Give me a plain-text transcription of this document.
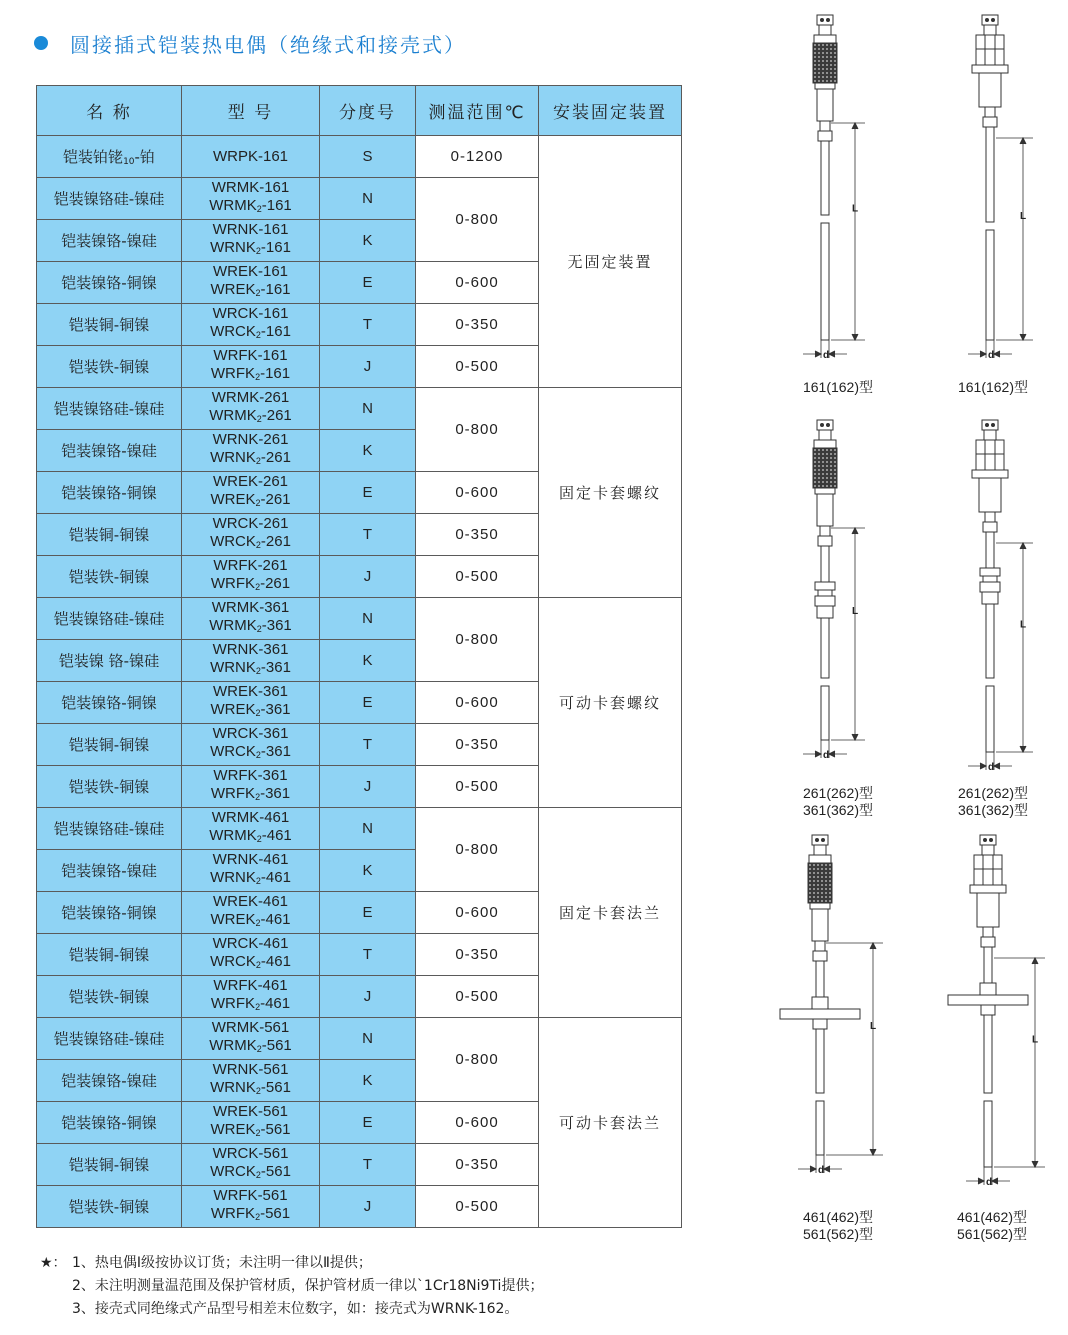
圆接插式铠装热电偶（绝缘式和接壳式）
名 称	型 号	分度号	测温范围℃	安装固定装置
铠装铂铑$_{10}$-铂	WRPK-161	S	0-1200	无固定装置
铠装镍铬硅-镍硅	WRMK-161
$WRMK_2-161$	N	0-800	
铠装镍铬-镍硅	WRNK-161
$WRNK_2-161$	K		
铠装镍铬-铜镍	WREK-161
$WREK_2-161$	E	0-600	
铠装铜-铜镍	WRCK-161
$WRCK_2-161$	T	0-350	
铠装铁-铜镍	WRFK-161
$WRFK_2-161$	J	0-500	
铠装镍铬硅-镍硅	WRMK-261
$WRMK_2-261$	N	0-800	固定卡套螺纹
铠装镍铬-镍硅	WRNK-261
$WRNK_2-261$	K		
铠装镍铬-铜镍	WREK-261
$WREK_2-261$	E	0-600	
铠装铜-铜镍	WRCK-261
$WRCK_2-261$	T	0-350	
铠装铁-铜镍	WRFK-261
$WRFK_2-261$	J	0-500	
铠装镍铬硅-镍硅	WRMK-361
$WRMK_2-361$	N	0-800	可动卡套螺纹
铠装镍 铬-镍硅	WRNK-361
$WRNK_2-361$	K		
铠装镍铬-铜镍	WREK-361
$WREK_2-361$	E	0-600	
铠装铜-铜镍	WRCK-361
$WRCK_2-361$	T	0-350	
铠装铁-铜镍	WRFK-361
$WRFK_2-361$	J	0-500	
铠装镍铬硅-镍硅	WRMK-461
$WRMK_2-461$	N	0-800	固定卡套法兰
铠装镍铬-镍硅	WRNK-461
$WRNK_2-461$	K		
铠装镍铬-铜镍	WREK-461
$WREK_2-461$	E	0-600	
铠装铜-铜镍	WRCK-461
$WRCK_2-461$	T	0-350	
铠装铁-铜镍	WRFK-461
$WRFK_2-461$	J	0-500	
铠装镍铬硅-镍硅	WRMK-561
$WRMK_2-561$	N	0-800	可动卡套法兰
铠装镍铬-镍硅	WRNK-561
$WRNK_2-561$	K		
铠装镍铬-铜镍	WREK-561
$WREK_2-561$	E	0-600	
铠装铜-铜镍	WRCK-561
$WRCK_2-561$	T	0-350	
铠装铁-铜镍	WRFK-561
$WRFK_2-561$	J	0-500	
L
d
L
d
L
d
L
d
L
d
L
d
161(162)型	161(162)型
261(262)型
361(362)型
261(262)型
361(362)型
461(462)型
561(562)型
461(462)型
561(562)型
★： 1、热电偶Ⅰ级按协议订货；未注明一律以Ⅱ提供；
2、未注明测量温范围及保护管材质，保护管材质一律以`1Cr18Ni9Ti提供；
3、接壳式同绝缘式产品型号相差末位数字，如：接壳式为WRNK-162。
